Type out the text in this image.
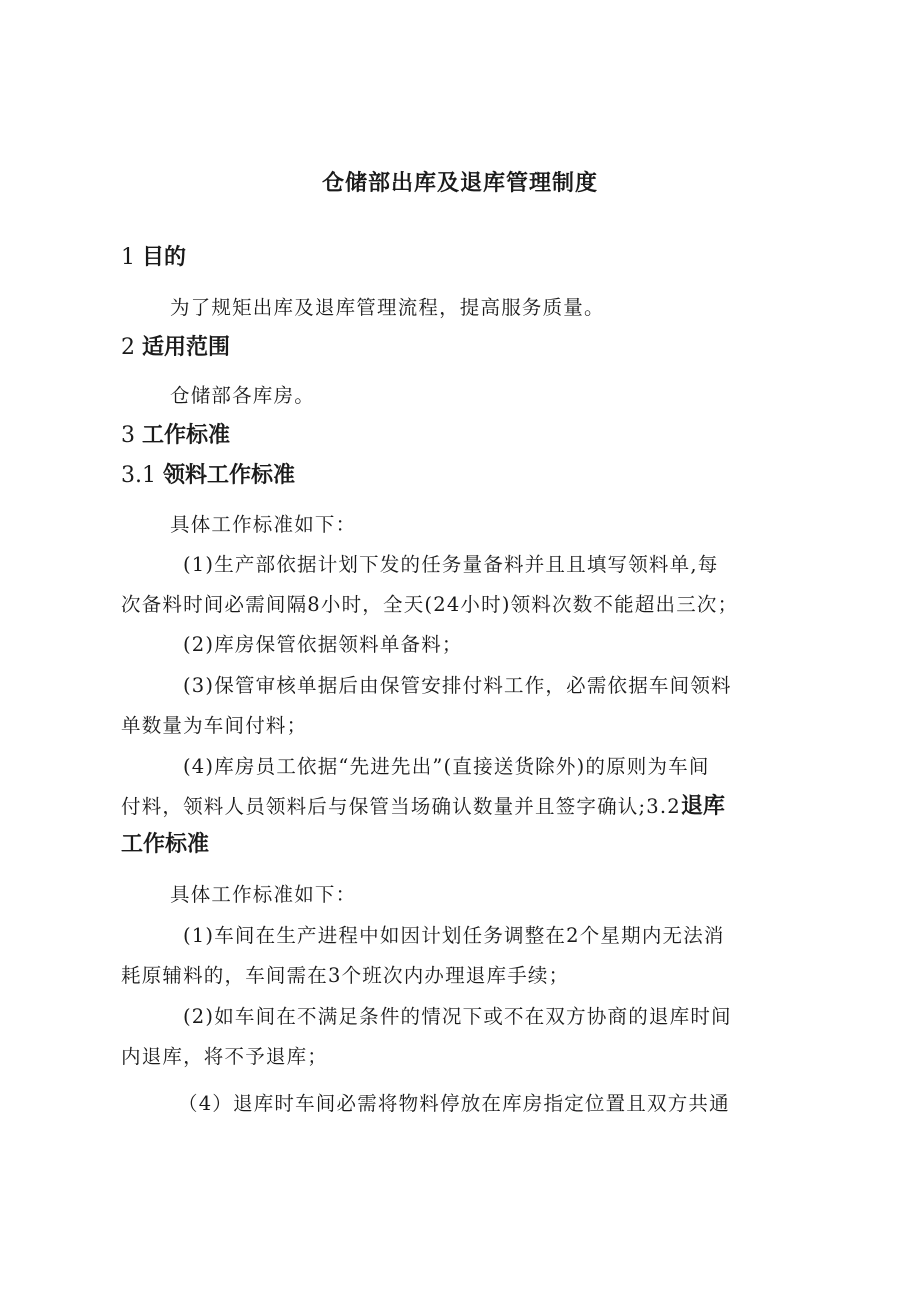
仓储部出库及退库管理制度
1 目的
为了规矩出库及退库管理流程，提高服务质量。
2 适用范围
仓储部各库房。
3 工作标准
3.1 领料工作标准
具体工作标准如下：
(1)生产部依据计划下发的任务量备料并且且填写领料单,每
次备料时间必需间隔8小时，全天(24小时)领料次数不能超出三次；
(2)库房保管依据领料单备料；
(3)保管审核单据后由保管安排付料工作，必需依据车间领料
单数量为车间付料；
(4)库房员工依据“先进先出”(直接送货除外)的原则为车间
付料，领料人员领料后与保管当场确认数量并且签字确认;3.2退库
工作标准
具体工作标准如下：
(1)车间在生产进程中如因计划任务调整在2个星期内无法消
耗原辅料的，车间需在3个班次内办理退库手续；
(2)如车间在不满足条件的情况下或不在双方协商的退库时间
内退库，将不予退库；
（4）退库时车间必需将物料停放在库房指定位置且双方共通
